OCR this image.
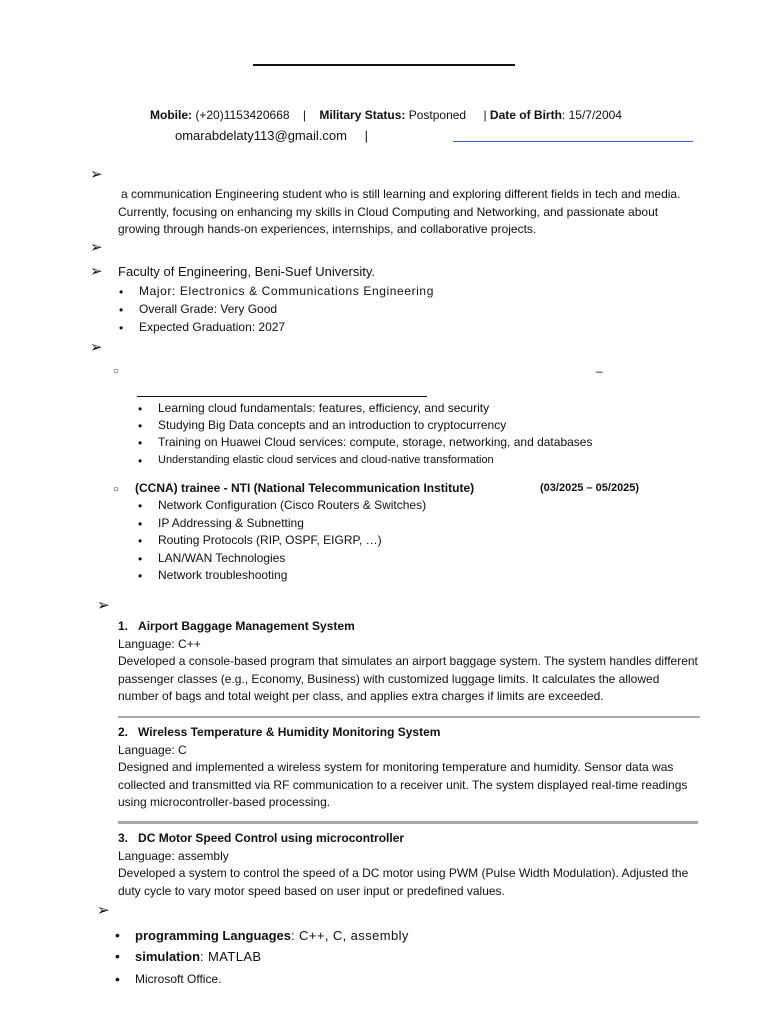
Mobile: (+20)1153420668 | Military Status: Postponed | Date of Birth: 15/7/2004
omarabdelaty113@gmail.com |
➢

a communication Engineering student who is still learning and exploring different fields in tech and media. Currently, focusing on enhancing my skills in Cloud Computing and Networking, and passionate about growing through hands-on experiences, internships, and collaborative projects.

➢
➢ Faculty of Engineering, Beni-Suef University.
• Major: Electronics & Communications Engineering
• Overall Grade: Very Good
• Expected Graduation: 2027
➢
○	–
• Learning cloud fundamentals: features, efficiency, and security
• Studying Big Data concepts and an introduction to cryptocurrency
• Training on Huawei Cloud services: compute, storage, networking, and databases
• Understanding elastic cloud services and cloud-native transformation
○ (CCNA) trainee - NTI (National Telecommunication Institute)	(03/2025 – 05/2025)
• Network Configuration (Cisco Routers & Switches)
• IP Addressing & Subnetting
• Routing Protocols (RIP, OSPF, EIGRP, …)
• LAN/WAN Technologies
• Network troubleshooting
➢
1. Airport Baggage Management System
Language: C++

Developed a console-based program that simulates an airport baggage system. The system handles different passenger classes (e.g., Economy, Business) with customized luggage limits. It calculates the allowed number of bags and total weight per class, and applies extra charges if limits are exceeded.

2. Wireless Temperature & Humidity Monitoring System
Language: C

Designed and implemented a wireless system for monitoring temperature and humidity. Sensor data was collected and transmitted via RF communication to a receiver unit. The system displayed real-time readings using microcontroller-based processing.

3. DC Motor Speed Control using microcontroller
Language: assembly

Developed a system to control the speed of a DC motor using PWM (Pulse Width Modulation). Adjusted the duty cycle to vary motor speed based on user input or predefined values.

➢
• programming Languages: C++, C, assembly
• simulation: MATLAB
• Microsoft Office.
